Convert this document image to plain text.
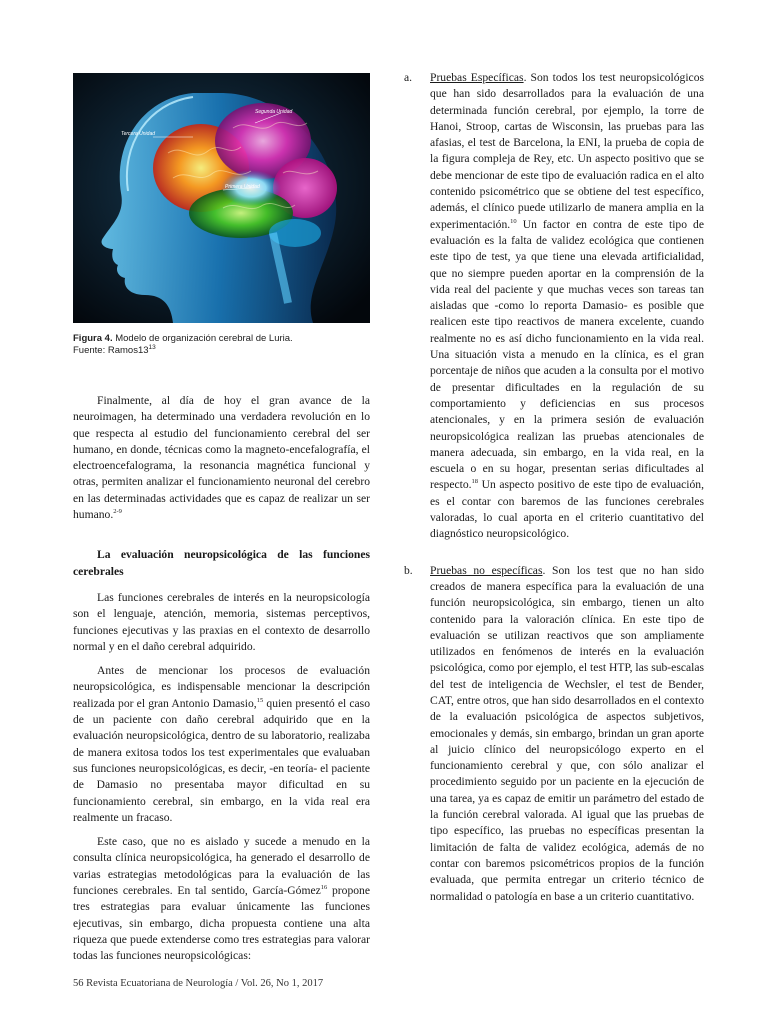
Tercera Unidad
Segunda Unidad
Primera Unidad
Figura 4. Modelo de organización cerebral de Luria.
Fuente: $Ramos13^{13}$

Finalmente, al día de hoy el gran avance de la neuroimagen, ha determinado una verdadera revolución en lo que respecta al estudio del funcionamiento cerebral del ser humano, en donde, técnicas como la magneto-encefalografía, el electroencefalograma, la resonancia magnética funcional y otras, permiten analizar el funcionamiento neuronal del cerebro en las determinadas actividades que es capaz de realizar un ser humano.$^{2-9}$

La evaluación neuropsicológica de las funciones cerebrales

Las funciones cerebrales de interés en la neuropsicología son el lenguaje, atención, memoria, sistemas perceptivos, funciones ejecutivas y las praxias en el contexto de desarrollo normal y en el daño cerebral adquirido.

Antes de mencionar los procesos de evaluación neuropsicológica, es indispensable mencionar la descripción realizada por el gran Antonio Damasio,$^{15}$ quien presentó el caso de un paciente con daño cerebral adquirido que en la evaluación neuropsicológica, dentro de su laboratorio, realizaba de manera exitosa todos los test experimentales que evaluaban sus funciones neuropsicológicas, es decir, -en teoría- el paciente de Damasio no presentaba mayor dificultad en su funcionamiento cerebral, sin embargo, en la vida real era realmente un fracaso.

Este caso, que no es aislado y sucede a menudo en la consulta clínica neuropsicológica, ha generado el desarrollo de varias estrategias metodológicas para la evaluación de las funciones cerebrales. En tal sentido, García-Gómez$^{16}$ propone tres estrategias para evaluar únicamente las funciones ejecutivas, sin embargo, dicha propuesta contiene una alta riqueza que puede extenderse como tres estrategias para valorar todas las funciones neuropsicológicas:

a. Pruebas Específicas. Son todos los test neuropsicológicos que han sido desarrollados para la evaluación de una determinada función cerebral, por ejemplo, la torre de Hanoi, Stroop, cartas de Wisconsin, las pruebas para las afasias, el test de Barcelona, la ENI, la prueba de copia de la figura compleja de Rey, etc. Un aspecto positivo que se debe mencionar de este tipo de evaluación radica en el alto contenido psicométrico que se obtiene del test específico, además, el clínico puede utilizarlo de manera amplia en la experimentación.$^{10}$ Un factor en contra de este tipo de evaluación es la falta de validez ecológica que contienen este tipo de test, ya que tiene una elevada artificialidad, que no siempre pueden aportar en la comprensión de la vida real del paciente y que muchas veces son tareas tan aisladas que -como lo reporta Damasio- es posible que realicen este tipo reactivos de manera excelente, cuando realmente no es así dicho funcionamiento en la vida real. Una situación vista a menudo en la clínica, es el gran porcentaje de niños que acuden a la consulta por el motivo de presentar dificultades en la regulación de su comportamiento y deficiencias en sus procesos atencionales, y en la primera sesión de evaluación neuropsicológica realizan las pruebas atencionales de manera adecuada, sin embargo, en la vida real, en la escuela o en su hogar, presentan serias dificultades al respecto.$^{18}$ Un aspecto positivo de este tipo de evaluación, es el contar con baremos de las funciones cerebrales valoradas, lo cual aporta en el criterio cuantitativo del diagnóstico neuropsicológico.

b. Pruebas no específicas. Son los test que no han sido creados de manera específica para la evaluación de una función neuropsicológica, sin embargo, tienen un alto contenido para la valoración clínica. En este tipo de evaluación se utilizan reactivos que son ampliamente utilizados en fenómenos de interés en la evaluación psicológica, como por ejemplo, el test HTP, las sub-escalas del test de inteligencia de Wechsler, el test de Bender, CAT, entre otros, que han sido desarrollados en el contexto de la evaluación psicológica de aspectos subjetivos, emocionales y demás, sin embargo, brindan un gran aporte al juicio clínico del neuropsicólogo experto en el funcionamiento cerebral y que, con sólo analizar el procedimiento seguido por un paciente en la ejecución de una tarea, ya es capaz de emitir un parámetro del estado de la función cerebral valorada. Al igual que las pruebas de tipo específico, las pruebas no específicas presentan la limitación de falta de validez ecológica, además de no contar con baremos psicométricos propios de la función evaluada, que permita entregar un criterio técnico de normalidad o patología en base a un criterio cuantitativo.

56 Revista Ecuatoriana de Neurología / Vol. 26, No 1, 2017
